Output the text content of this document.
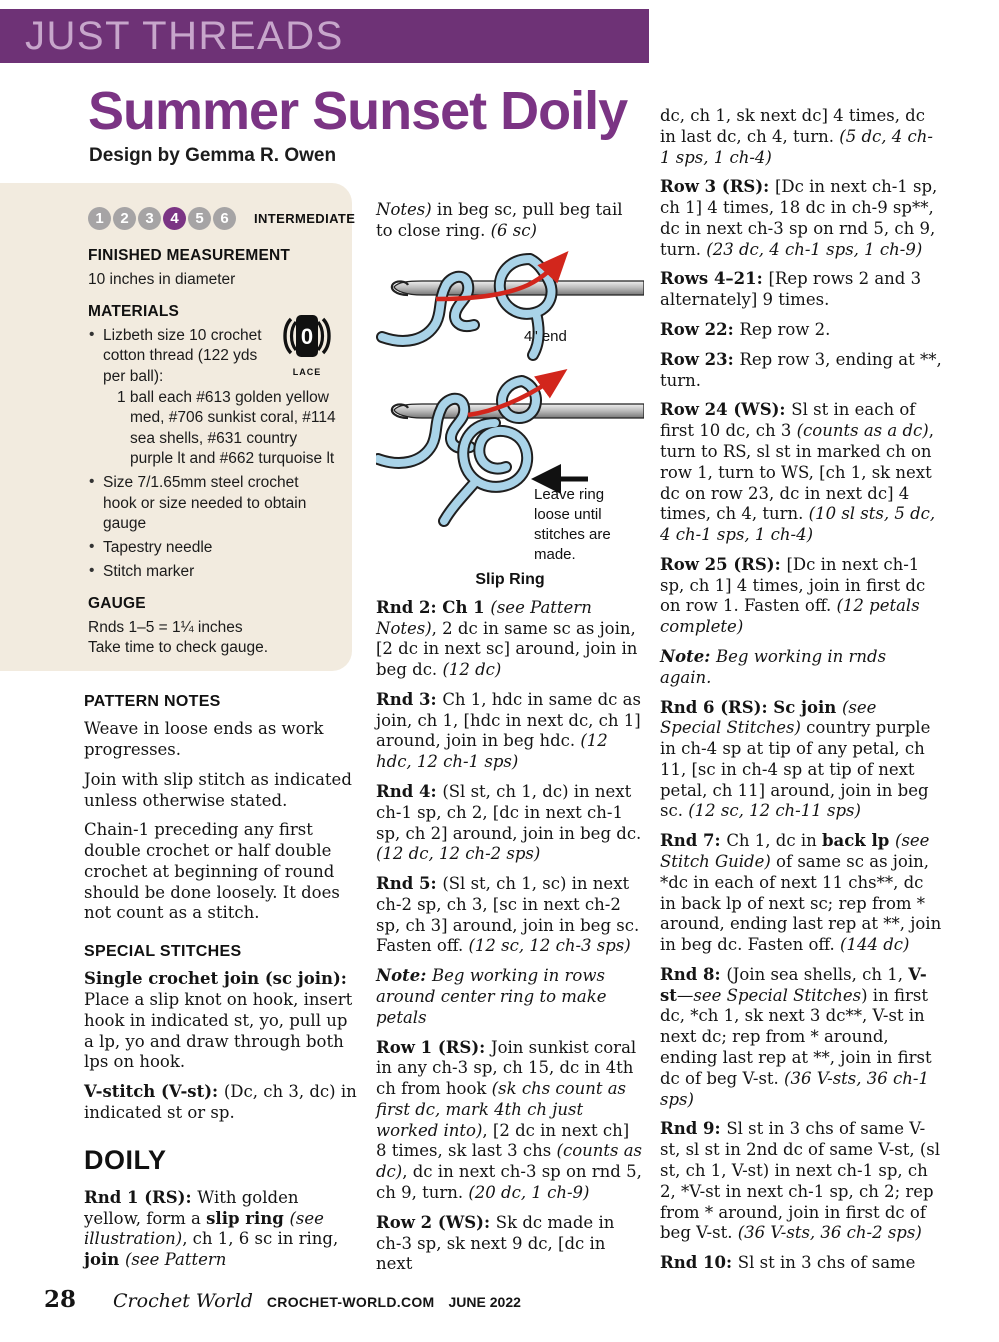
JUST THREADS
Summer Sunset Doily

Design by Gemma R. Owen

1	2	3	4	5	6	INTERMEDIATE
FINISHED MEASUREMENT

10 inches in diameter

MATERIALS

• Lizbeth size 10 crochet cotton thread (122 yds per ball):

1 ball each #613 golden yellow med, #706 sunkist coral, #114 sea shells, #631 country purple lt and #662 turquoise lt

• Size 7/1.65mm steel crochet hook or size needed to obtain gauge

• Tapestry needle

• Stitch marker

0
LACE
GAUGE

Rnds 1–5 = 1¼ inches

Take time to check gauge.

PATTERN NOTES

Weave in loose ends as work progresses.

Join with slip stitch as indicated unless otherwise stated.

Chain-1 preceding any first double crochet or half double crochet at beginning of round should be done loosely. It does not count as a stitch.

SPECIAL STITCHES

Single crochet join (sc join): Place a slip knot on hook, insert hook in indicated st, yo, pull up a lp, yo and draw through both lps on hook.

V-stitch (V-st): (Dc, ch 3, dc) in indicated st or sp.

DOILY

Rnd 1 (RS): With golden yellow, form a slip ring (see illustration), ch 1, 6 sc in ring, join (see Pattern

Notes) in beg sc, pull beg tail to close ring. (6 sc)

4" end
Leave ring
loose until
stitches are
made.
Slip Ring

Rnd 2: Ch 1 (see Pattern Notes), 2 dc in same sc as join, [2 dc in next sc] around, join in beg dc. (12 dc)

Rnd 3: Ch 1, hdc in same dc as join, ch 1, [hdc in next dc, ch 1] around, join in beg hdc. (12 hdc, 12 ch-1 sps)

Rnd 4: (Sl st, ch 1, dc) in next ch-1 sp, ch 2, [dc in next ch-1 sp, ch 2] around, join in beg dc. (12 dc, 12 ch-2 sps)

Rnd 5: (Sl st, ch 1, sc) in next ch-2 sp, ch 3, [sc in next ch-2 sp, ch 3] around, join in beg sc. Fasten off. (12 sc, 12 ch-3 sps)

Note: Beg working in rows around center ring to make petals

Row 1 (RS): Join sunkist coral in any ch-3 sp, ch 15, dc in 4th ch from hook (sk chs count as first dc, mark 4th ch just worked into), [2 dc in next ch] 8 times, sk last 3 chs (counts as dc), dc in next ch-3 sp on rnd 5, ch 9, turn. (20 dc, 1 ch-9)

Row 2 (WS): Sk dc made in ch-3 sp, sk next 9 dc, [dc in next

dc, ch 1, sk next dc] 4 times, dc in last dc, ch 4, turn. (5 dc, 4 ch-1 sps, 1 ch-4)

Row 3 (RS): [Dc in next ch-1 sp, ch 1] 4 times, 18 dc in ch-9 sp**, dc in next ch-3 sp on rnd 5, ch 9, turn. (23 dc, 4 ch-1 sps, 1 ch-9)

Rows 4–21: [Rep rows 2 and 3 alternately] 9 times.

Row 22: Rep row 2.

Row 23: Rep row 3, ending at **, turn.

Row 24 (WS): Sl st in each of first 10 dc, ch 3 (counts as a dc), turn to RS, sl st in marked ch on row 1, turn to WS, [ch 1, sk next dc on row 23, dc in next dc] 4 times, ch 4, turn. (10 sl sts, 5 dc, 4 ch-1 sps, 1 ch-4)

Row 25 (RS): [Dc in next ch-1 sp, ch 1] 4 times, join in first dc on row 1. Fasten off. (12 petals complete)

Note: Beg working in rnds again.

Rnd 6 (RS): Sc join (see Special Stitches) country purple in ch-4 sp at tip of any petal, ch 11, [sc in ch-4 sp at tip of next petal, ch 11] around, join in beg sc. (12 sc, 12 ch-11 sps)

Rnd 7: Ch 1, dc in back lp (see Stitch Guide) of same sc as join, *dc in each of next 11 chs**, dc in back lp of next sc; rep from * around, ending last rep at **, join in beg dc. Fasten off. (144 dc)

Rnd 8: (Join sea shells, ch 1, V-st—see Special Stitches) in first dc, *ch 1, sk next 3 dc**, V-st in next dc; rep from * around, ending last rep at **, join in first dc of beg V-st. (36 V-sts, 36 ch-1 sps)

Rnd 9: Sl st in 3 chs of same V-st, sl st in 2nd dc of same V-st, (sl st, ch 1, V-st) in next ch-1 sp, ch 2, *V-st in next ch-1 sp, ch 2; rep from * around, join in first dc of beg V-st. (36 V-sts, 36 ch-2 sps)

Rnd 10: Sl st in 3 chs of same

28 Crochet World CROCHET-WORLD.COM JUNE 2022
